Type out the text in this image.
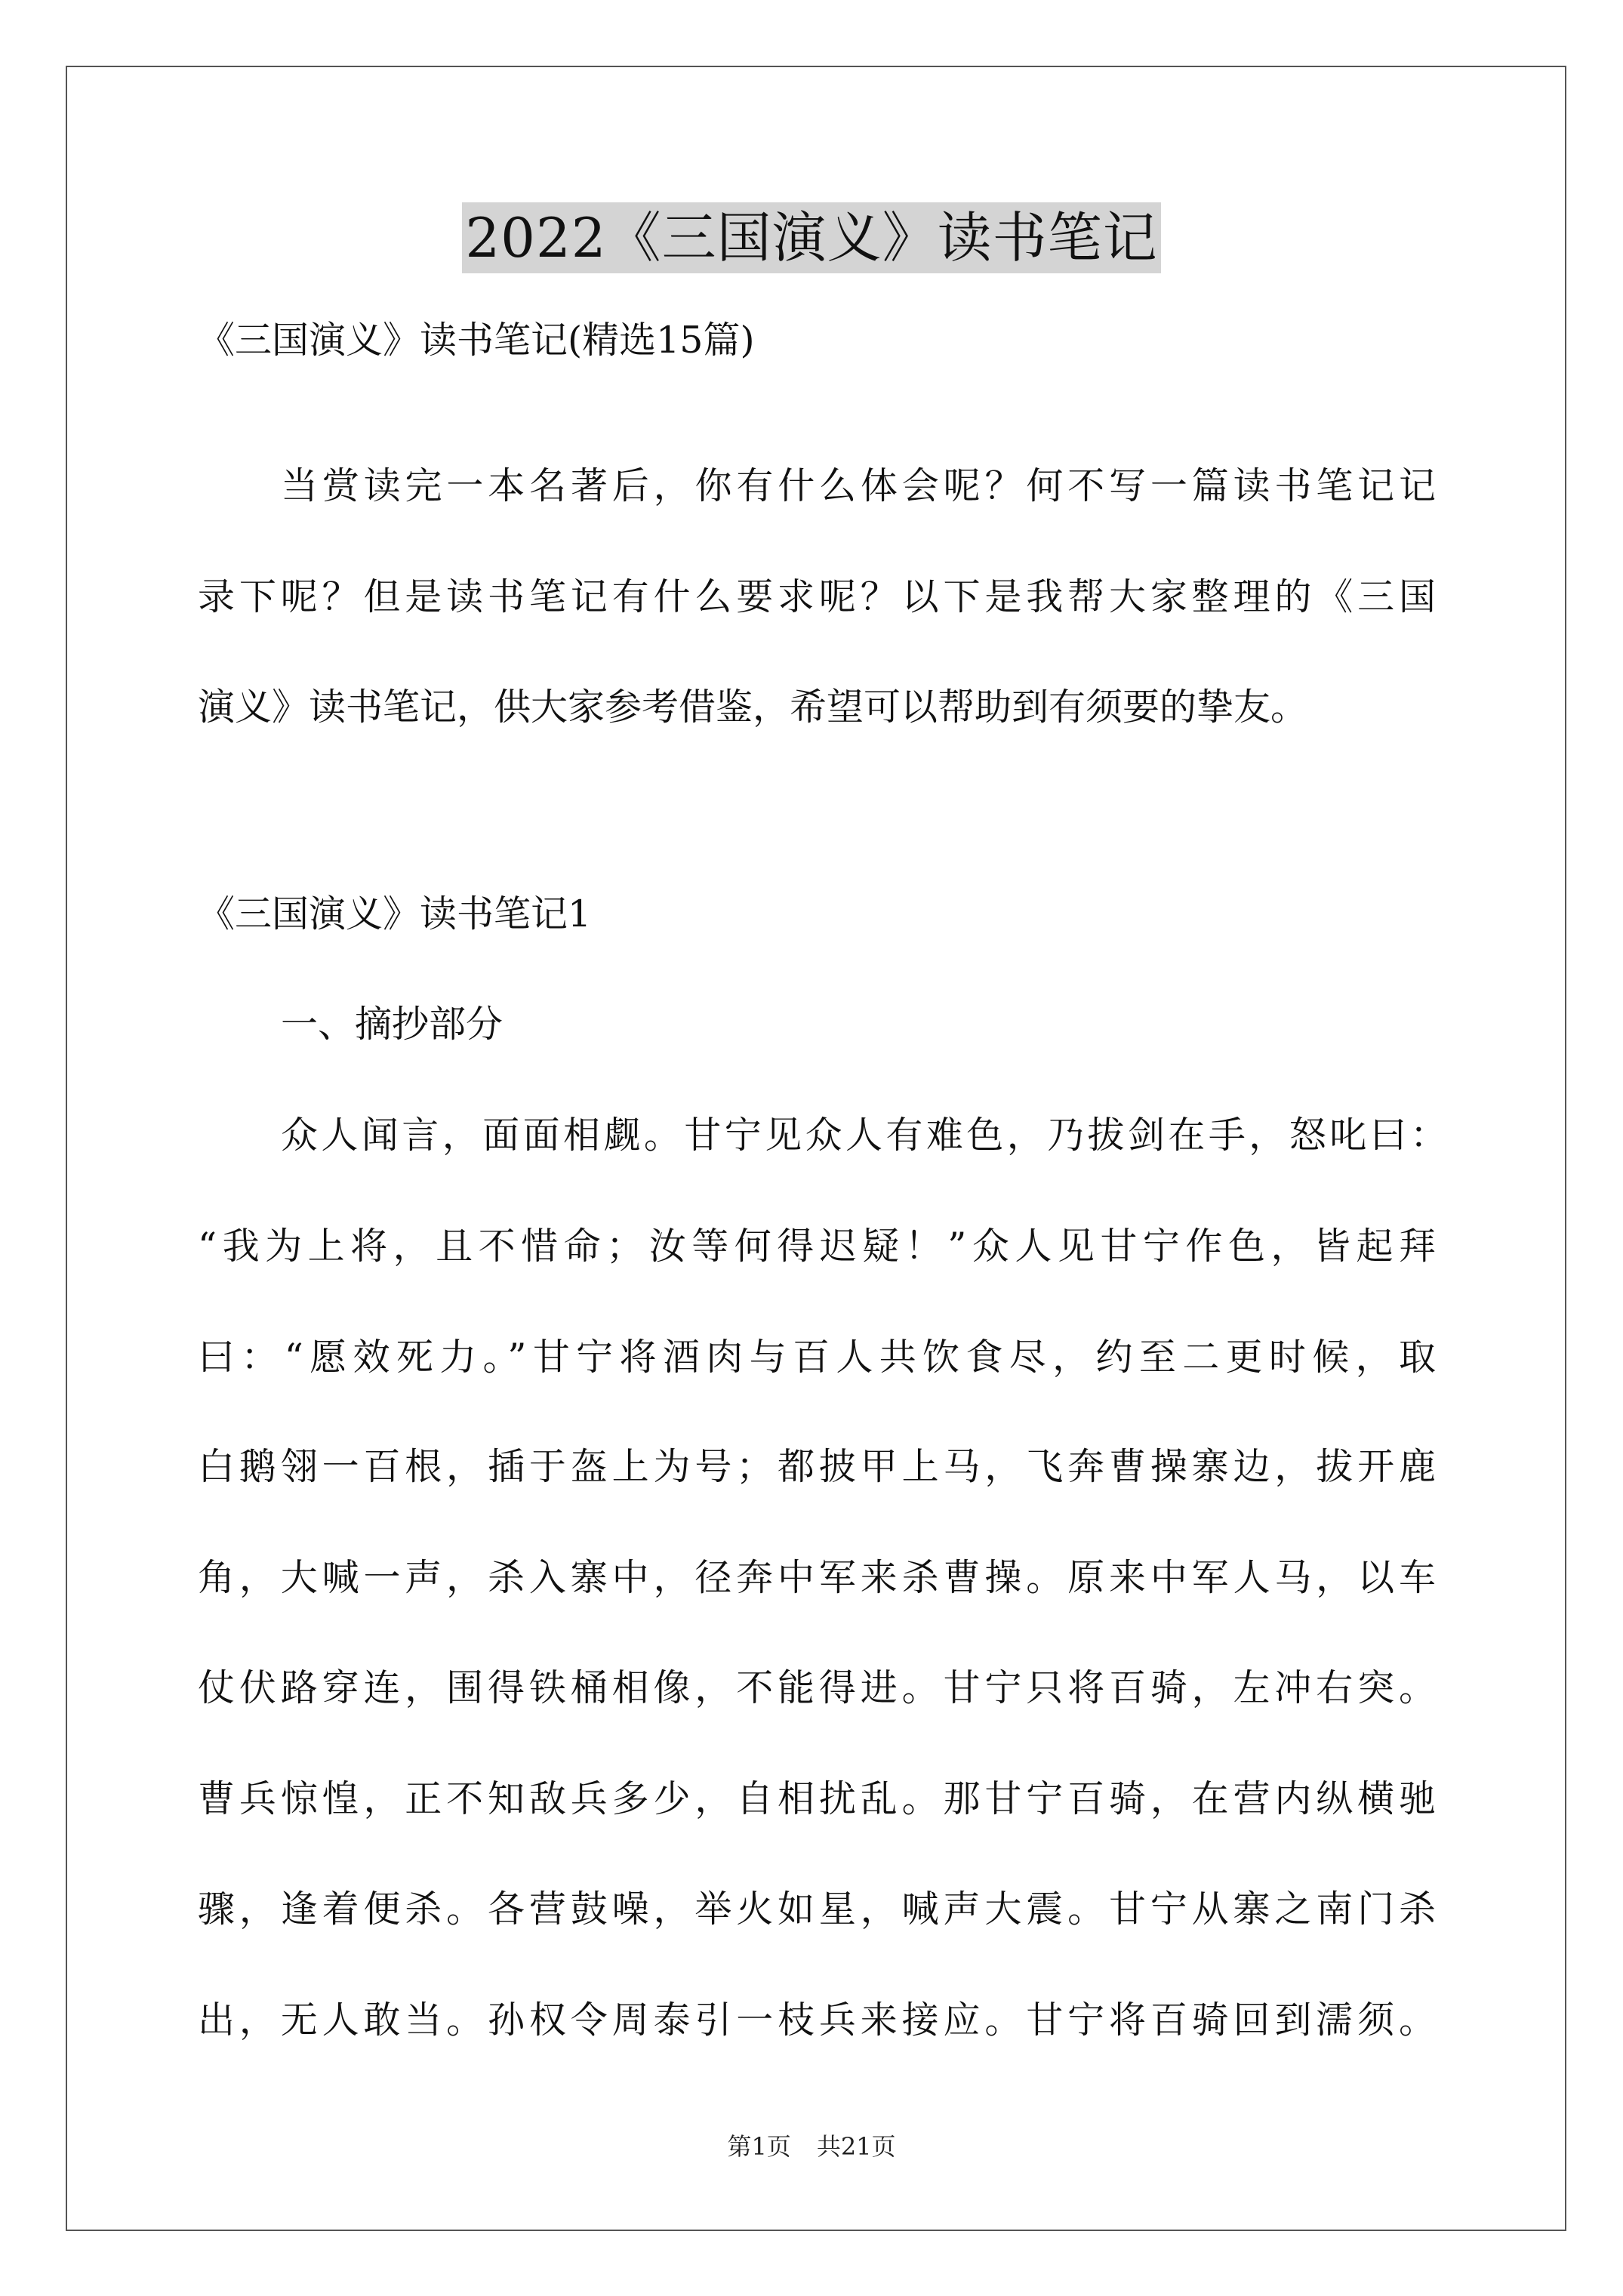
2022《三国演义》读书笔记
《三国演义》读书笔记(精选15篇)
当赏读完一本名著后，你有什么体会呢？何不写一篇读书笔记记
录下呢？但是读书笔记有什么要求呢？以下是我帮大家整理的《三国
演义》读书笔记，供大家参考借鉴，希望可以帮助到有须要的挚友。
《三国演义》读书笔记1
一、摘抄部分
众人闻言，面面相觑。甘宁见众人有难色，乃拔剑在手，怒叱曰：
“我为上将，且不惜命；汝等何得迟疑！”众人见甘宁作色，皆起拜
曰：“愿效死力。”甘宁将酒肉与百人共饮食尽，约至二更时候，取
白鹅翎一百根，插于盔上为号；都披甲上马，飞奔曹操寨边，拔开鹿
角，大喊一声，杀入寨中，径奔中军来杀曹操。原来中军人马，以车
仗伏路穿连，围得铁桶相像，不能得进。甘宁只将百骑，左冲右突。
曹兵惊惶，正不知敌兵多少，自相扰乱。那甘宁百骑，在营内纵横驰
骤，逢着便杀。各营鼓噪，举火如星，喊声大震。甘宁从寨之南门杀
出，无人敢当。孙权令周泰引一枝兵来接应。甘宁将百骑回到濡须。
第1页 共21页
